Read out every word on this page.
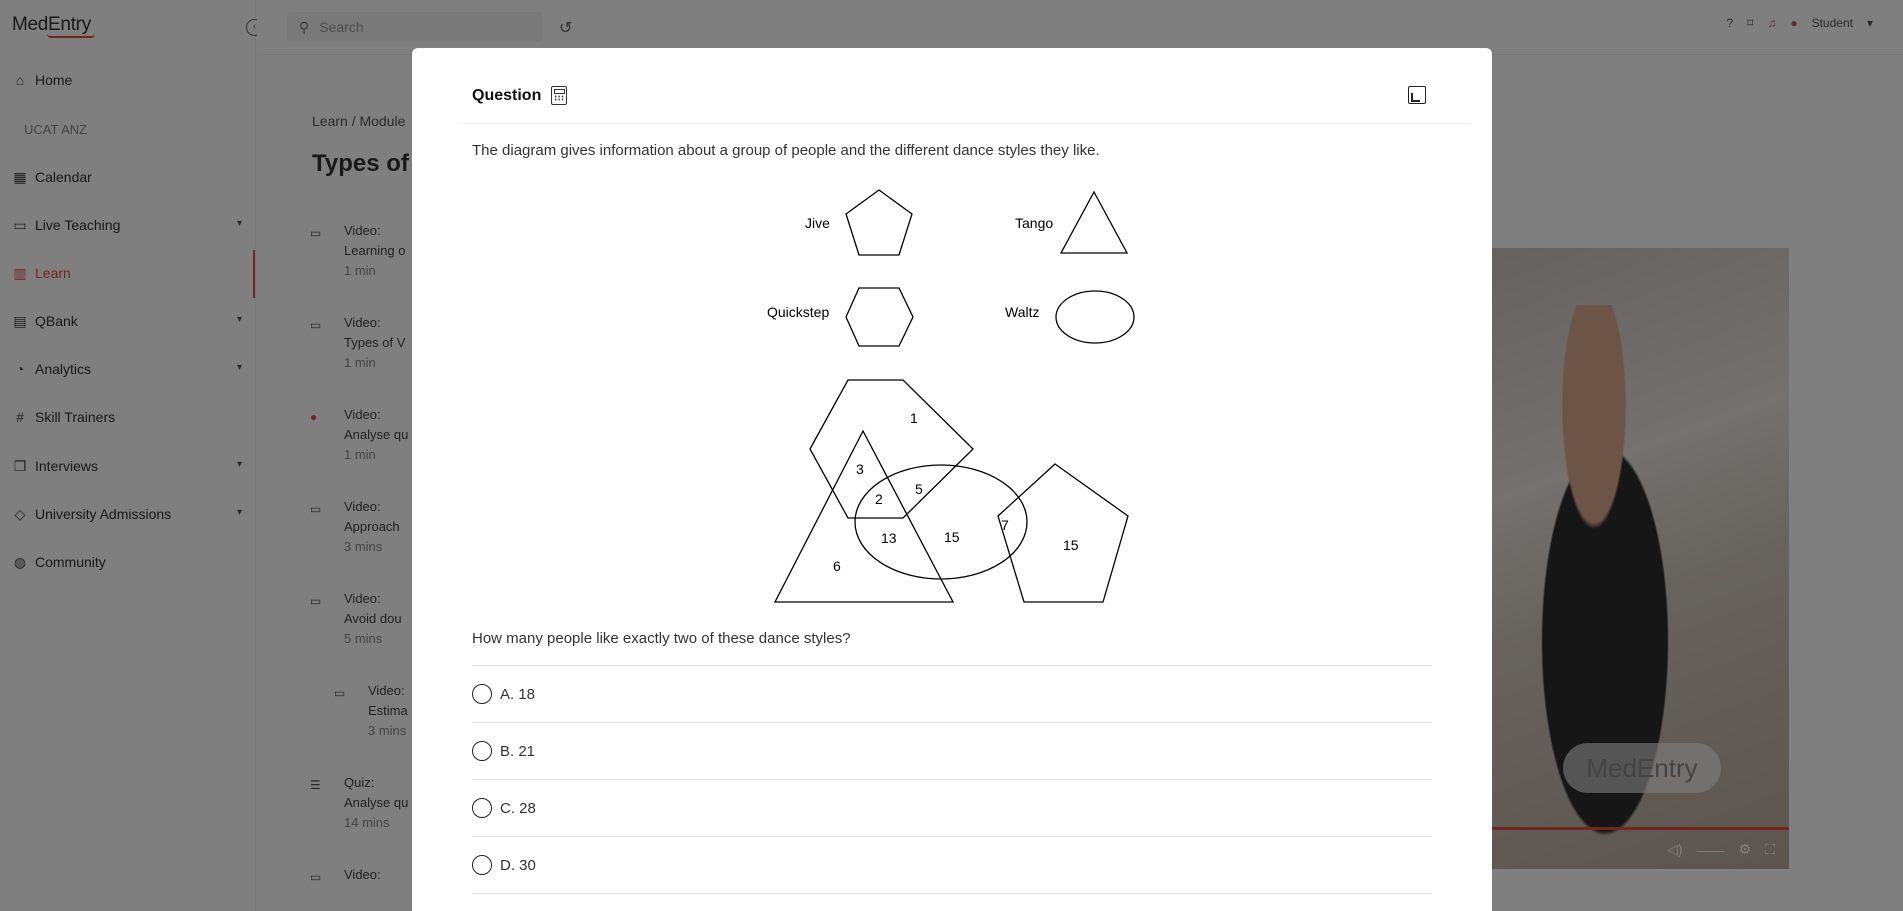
Question
The diagram gives information about a group of people and the different dance styles they like.
Jive	Tango
Quickstep	Waltz
1
3
2
5
13	15
7
15
6
How many people like exactly two of these dance styles?
A. 18
B. 21
C. 28
D. 30
